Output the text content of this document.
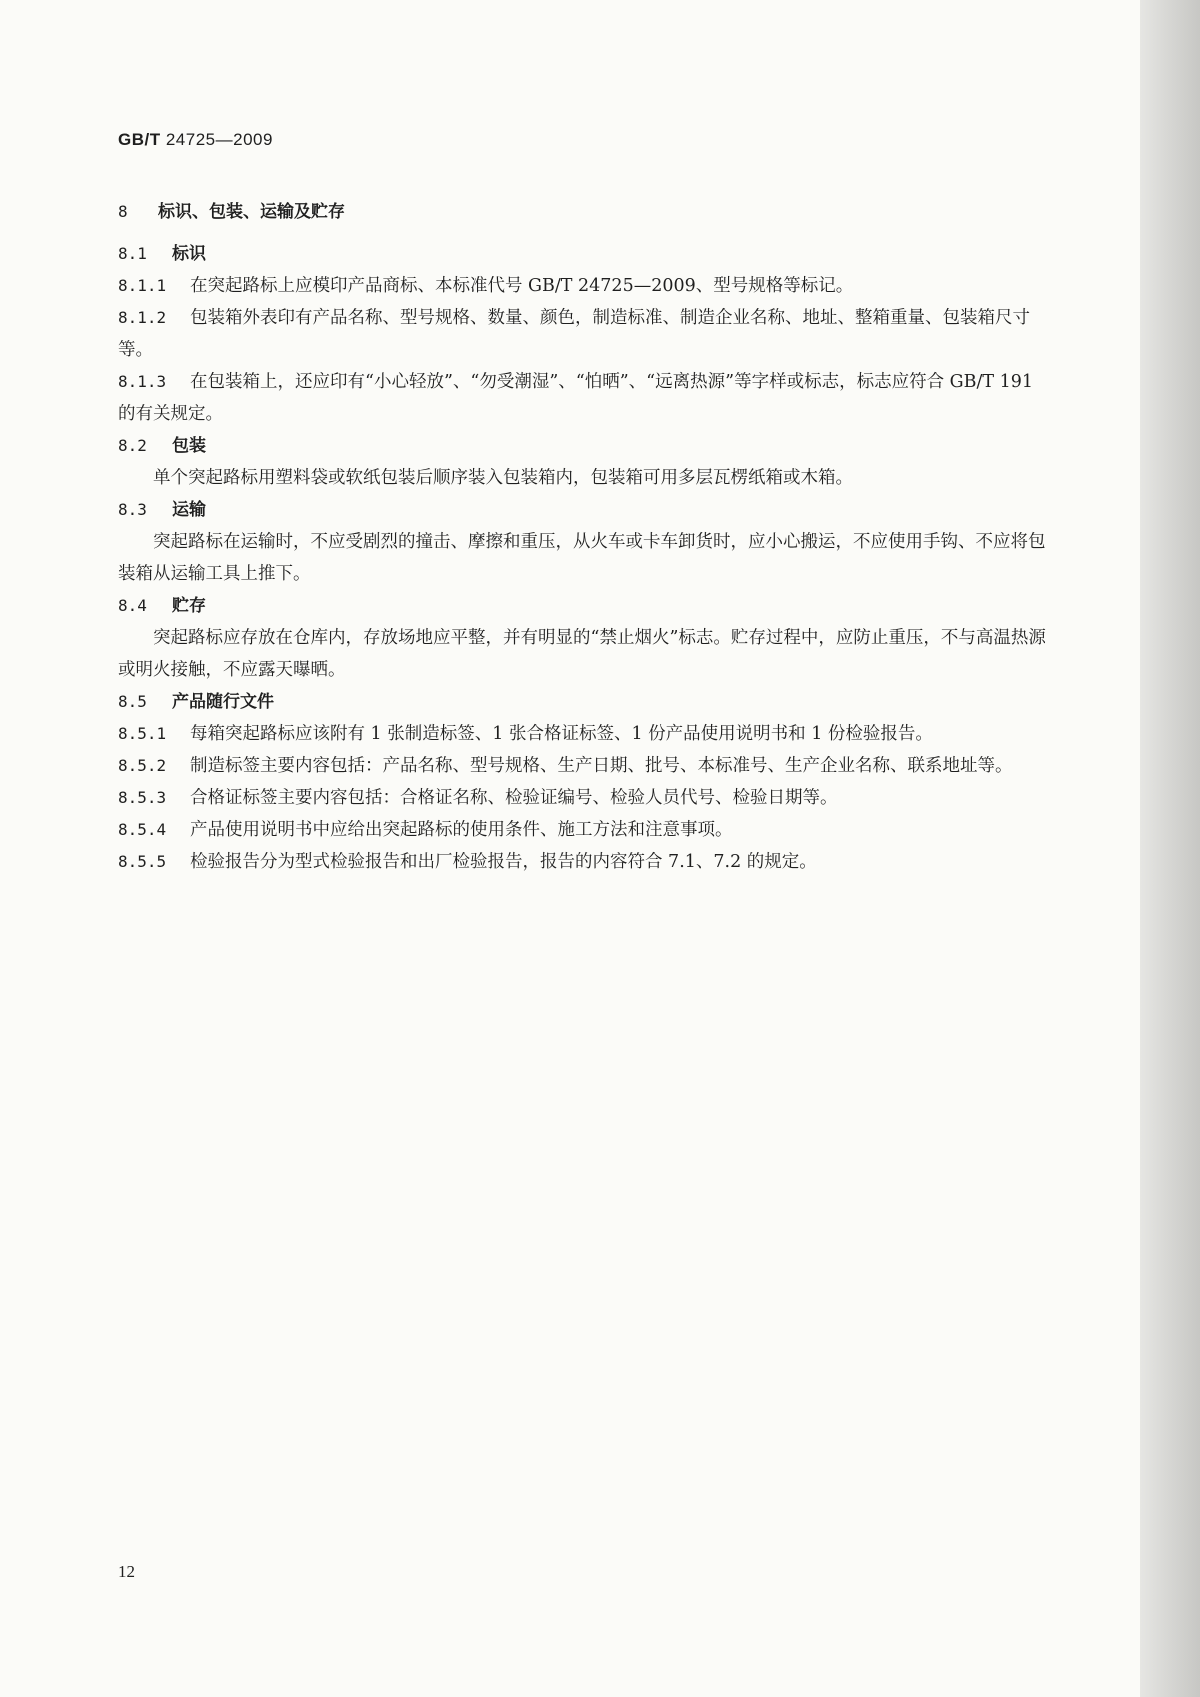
GB/T 24725—2009

8 标识、包装、运输及贮存

8.1 标识

8.1.1 在突起路标上应模印产品商标、本标准代号 GB/T 24725—2009、型号规格等标记。

8.1.2 包装箱外表印有产品名称、型号规格、数量、颜色，制造标准、制造企业名称、地址、整箱重量、包装箱尺寸等。

8.1.3 在包装箱上，还应印有“小心轻放”、“勿受潮湿”、“怕晒”、“远离热源”等字样或标志，标志应符合 GB/T 191 的有关规定。

8.2 包装

单个突起路标用塑料袋或软纸包装后顺序装入包装箱内，包装箱可用多层瓦楞纸箱或木箱。

8.3 运输

突起路标在运输时，不应受剧烈的撞击、摩擦和重压，从火车或卡车卸货时，应小心搬运，不应使用手钩、不应将包装箱从运输工具上推下。

8.4 贮存

突起路标应存放在仓库内，存放场地应平整，并有明显的“禁止烟火”标志。贮存过程中，应防止重压，不与高温热源或明火接触，不应露天曝晒。

8.5 产品随行文件

8.5.1 每箱突起路标应该附有 1 张制造标签、1 张合格证标签、1 份产品使用说明书和 1 份检验报告。

8.5.2 制造标签主要内容包括：产品名称、型号规格、生产日期、批号、本标准号、生产企业名称、联系地址等。

8.5.3 合格证标签主要内容包括：合格证名称、检验证编号、检验人员代号、检验日期等。

8.5.4 产品使用说明书中应给出突起路标的使用条件、施工方法和注意事项。

8.5.5 检验报告分为型式检验报告和出厂检验报告，报告的内容符合 7.1、7.2 的规定。

12
